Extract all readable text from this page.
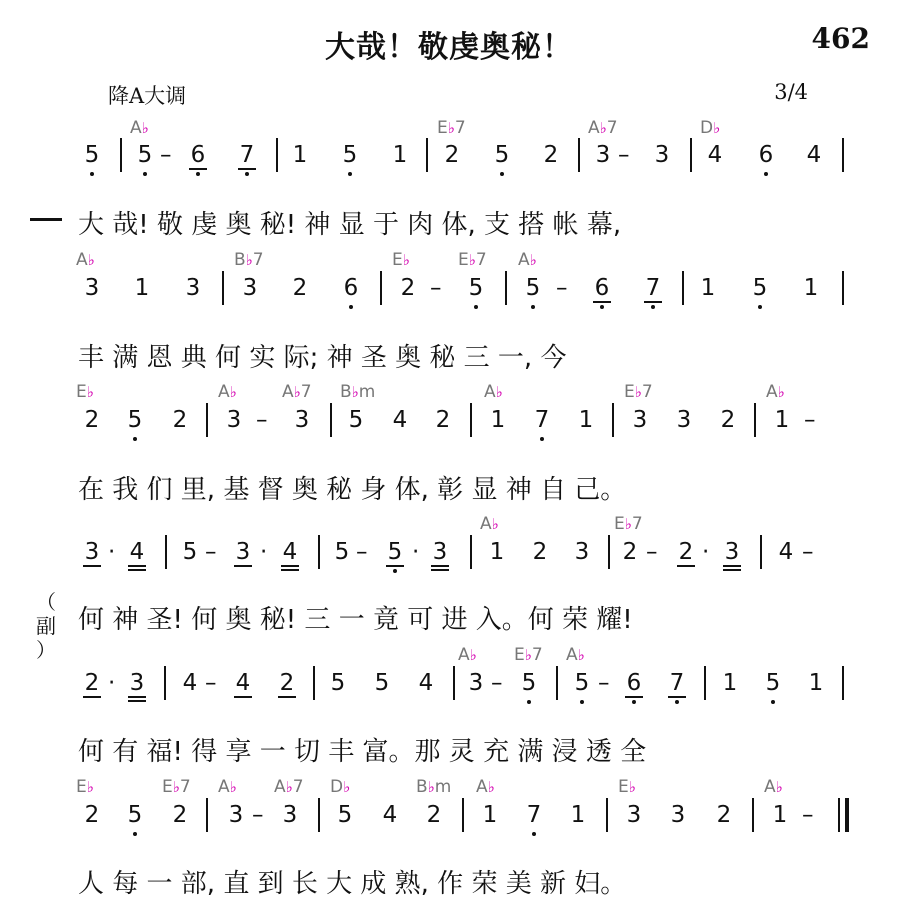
大哉！敬虔奥秘！	462
降A大调	3/4
5
A♭
5 – 6 7 1 5 1
E♭7
2 5 2
A♭7
3 – 3
D♭
4 6 4
A♭
3 1 3
B♭7
3 2 6
E♭
2 –
E♭7
5
A♭
5 – 6 7 1 5 1
E♭
2 5 2
A♭
3 –
A♭7
3
B♭m
5 4 2
A♭
1 7 1
E♭7
3 3 2
A♭
1 –
3 · 4 5 – 3 · 4 5 – 5 · 3
A♭
1 2 3
E♭7
2 – 2 · 3 4 –
2 · 3 4 – 4 2 5 5 4
A♭
3 –
E♭7
5
A♭
5 – 6 7 1 5 1
E♭
2 5
E♭7
2
A♭
3 –
A♭7
3
D♭
5 4
B♭m
2
A♭
1 7 1
E♭
3 3 2
A♭
1 –
大 哉! 敬 虔 奥 秘! 神 显 于 肉 体, 支 搭 帐 幕,
丰 满 恩 典 何 实 际; 神 圣 奥 秘 三 一, 今
在 我 们 里, 基 督 奥 秘 身 体, 彰 显 神 自 己。
何 神 圣! 何 奥 秘! 三 一 竟 可 进 入。何 荣 耀!
何 有 福! 得 享 一 切 丰 富。那 灵 充 满 浸 透 全
人 每 一 部, 直 到 长 大 成 熟, 作 荣 美 新 妇。
（
副
）
